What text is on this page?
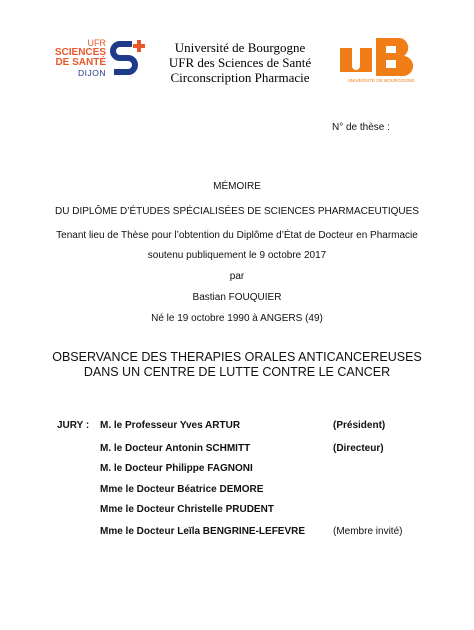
UFR
SCIENCES
DE SANTÉ
DIJON
Université de Bourgogne
UFR des Sciences de Santé
Circonscription Pharmacie	UNIVERSITÉ DE BOURGOGNE
N° de thèse :
MÉMOIRE
DU DIPLÔME D’ÉTUDES SPÉCIALISÉES DE SCIENCES PHARMACEUTIQUES
Tenant lieu de Thèse pour l’obtention du Diplôme d’État de Docteur en Pharmacie
soutenu publiquement le 9 octobre 2017
par
Bastian FOUQUIER
Né le 19 octobre 1990 à ANGERS (49)
OBSERVANCE DES THERAPIES ORALES ANTICANCEREUSES
DANS UN CENTRE DE LUTTE CONTRE LE CANCER
JURY : M. le Professeur Yves ARTUR	(Président)
M. le Docteur Antonin SCHMITT	(Directeur)
M. le Docteur Philippe FAGNONI
Mme le Docteur Béatrice DEMORE
Mme le Docteur Christelle PRUDENT
Mme le Docteur Leïla BENGRINE-LEFEVRE	(Membre invité)
